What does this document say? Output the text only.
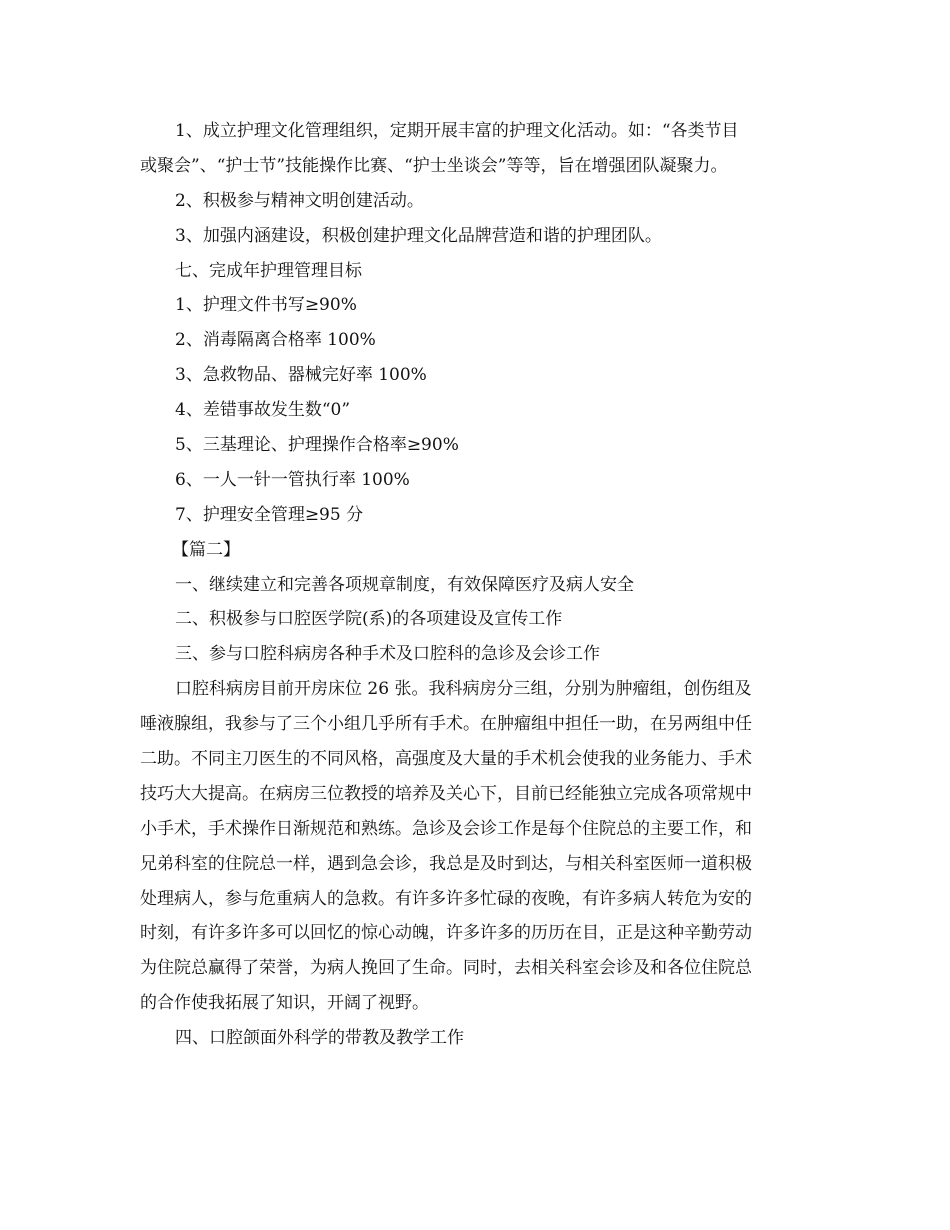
1、成立护理文化管理组织，定期开展丰富的护理文化活动。如：“各类节目
或聚会”、“护士节”技能操作比赛、“护士坐谈会”等等，旨在增强团队凝聚力。
2、积极参与精神文明创建活动。
3、加强内涵建设，积极创建护理文化品牌营造和谐的护理团队。
七、完成年护理管理目标
1、护理文件书写≥90%
2、消毒隔离合格率 100%
3、急救物品、器械完好率 100%
4、差错事故发生数“0”
5、三基理论、护理操作合格率≥90%
6、一人一针一管执行率 100%
7、护理安全管理≥95 分
【篇二】
一、继续建立和完善各项规章制度，有效保障医疗及病人安全
二、积极参与口腔医学院(系)的各项建设及宣传工作
三、参与口腔科病房各种手术及口腔科的急诊及会诊工作
口腔科病房目前开房床位 26 张。我科病房分三组，分别为肿瘤组，创伤组及
唾液腺组，我参与了三个小组几乎所有手术。在肿瘤组中担任一助，在另两组中任
二助。不同主刀医生的不同风格，高强度及大量的手术机会使我的业务能力、手术
技巧大大提高。在病房三位教授的培养及关心下，目前已经能独立完成各项常规中
小手术，手术操作日渐规范和熟练。急诊及会诊工作是每个住院总的主要工作，和
兄弟科室的住院总一样，遇到急会诊，我总是及时到达，与相关科室医师一道积极
处理病人，参与危重病人的急救。有许多许多忙碌的夜晚，有许多病人转危为安的
时刻，有许多许多可以回忆的惊心动魄，许多许多的历历在目，正是这种辛勤劳动
为住院总赢得了荣誉，为病人挽回了生命。同时，去相关科室会诊及和各位住院总
的合作使我拓展了知识，开阔了视野。
四、口腔颌面外科学的带教及教学工作
